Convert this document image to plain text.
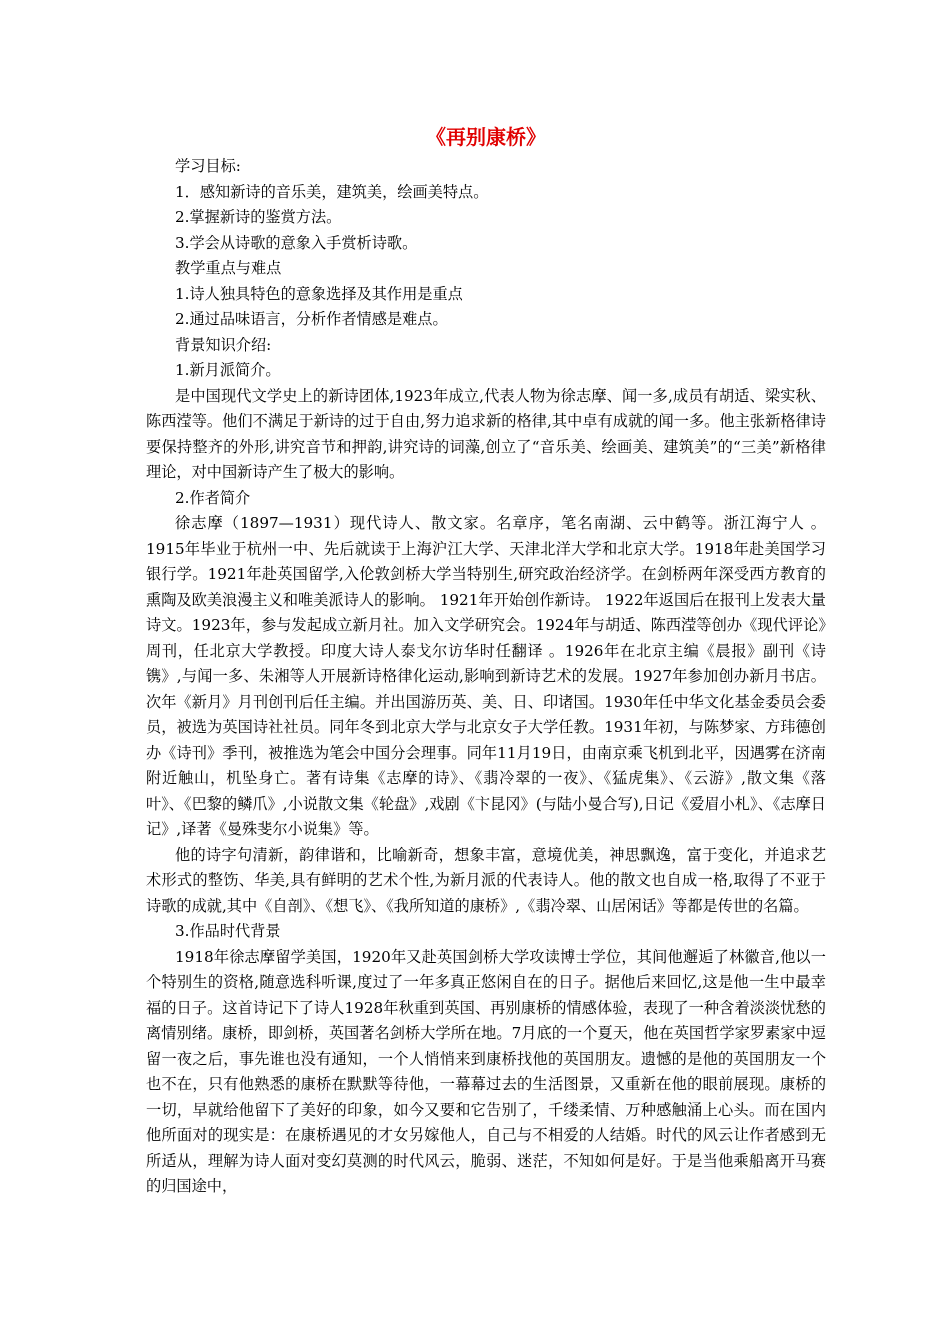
《再别康桥》

学习目标:

1．感知新诗的音乐美，建筑美，绘画美特点。

2.掌握新诗的鉴赏方法。

3.学会从诗歌的意象入手赏析诗歌。

教学重点与难点

1.诗人独具特色的意象选择及其作用是重点

2.通过品味语言，分析作者情感是难点。

背景知识介绍:

1.新月派简介。

是中国现代文学史上的新诗团体,1923年成立,代表人物为徐志摩、闻一多,成员有胡适、梁实秋、陈西滢等。他们不满足于新诗的过于自由,努力追求新的格律,其中卓有成就的闻一多。他主张新格律诗要保持整齐的外形,讲究音节和押韵,讲究诗的词藻,创立了“音乐美、绘画美、建筑美”的“三美”新格律理论，对中国新诗产生了极大的影响。

2.作者简介

徐志摩（1897—1931）现代诗人、散文家。名章序，笔名南湖、云中鹤等。浙江海宁人 。1915年毕业于杭州一中、先后就读于上海沪江大学、天津北洋大学和北京大学。1918年赴美国学习银行学。1921年赴英国留学,入伦敦剑桥大学当特别生,研究政治经济学。在剑桥两年深受西方教育的熏陶及欧美浪漫主义和唯美派诗人的影响。 1921年开始创作新诗。 1922年返国后在报刊上发表大量诗文。1923年，参与发起成立新月社。加入文学研究会。1924年与胡适、陈西滢等创办《现代评论》周刊，任北京大学教授。印度大诗人泰戈尔访华时任翻译 。1926年在北京主编《晨报》副刊《诗镌》,与闻一多、朱湘等人开展新诗格律化运动,影响到新诗艺术的发展。1927年参加创办新月书店。次年《新月》月刊创刊后任主编。并出国游历英、美、日、印诸国。1930年任中华文化基金委员会委员，被选为英国诗社社员。同年冬到北京大学与北京女子大学任教。1931年初，与陈梦家、方玮德创办《诗刊》季刊，被推选为笔会中国分会理事。同年11月19日，由南京乘飞机到北平，因遇雾在济南附近触山，机坠身亡。著有诗集《志摩的诗》、《翡冷翠的一夜》、《猛虎集》、《云游》,散文集《落叶》、《巴黎的鳞爪》,小说散文集《轮盘》,戏剧《卞昆冈》(与陆小曼合写),日记《爱眉小札》、《志摩日记》,译著《曼殊斐尔小说集》等。

他的诗字句清新，韵律谐和，比喻新奇，想象丰富，意境优美，神思飘逸，富于变化，并追求艺术形式的整饬、华美,具有鲜明的艺术个性,为新月派的代表诗人。他的散文也自成一格,取得了不亚于诗歌的成就,其中《自剖》、《想飞》、《我所知道的康桥》,《翡冷翠、山居闲话》等都是传世的名篇。

3.作品时代背景

1918年徐志摩留学美国，1920年又赴英国剑桥大学攻读博士学位，其间他邂逅了林徽音,他以一个特别生的资格,随意选科听课,度过了一年多真正悠闲自在的日子。据他后来回忆,这是他一生中最幸福的日子。这首诗记下了诗人1928年秋重到英国、再别康桥的情感体验，表现了一种含着淡淡忧愁的离情别绪。康桥，即剑桥，英国著名剑桥大学所在地。7月底的一个夏天，他在英国哲学家罗素家中逗留一夜之后，事先谁也没有通知，一个人悄悄来到康桥找他的英国朋友。遗憾的是他的英国朋友一个也不在，只有他熟悉的康桥在默默等待他，一幕幕过去的生活图景，又重新在他的眼前展现。康桥的一切，早就给他留下了美好的印象，如今又要和它告别了，千缕柔情、万种感触涌上心头。而在国内他所面对的现实是：在康桥遇见的才女另嫁他人，自己与不相爱的人结婚。时代的风云让作者感到无所适从，理解为诗人面对变幻莫测的时代风云，脆弱、迷茫，不知如何是好。于是当他乘船离开马赛的归国途中，
